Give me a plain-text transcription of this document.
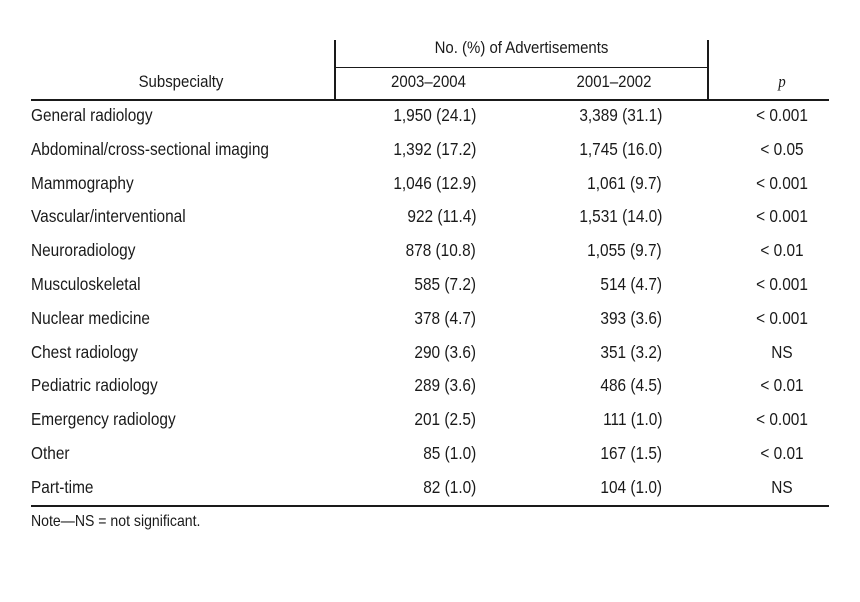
No. (%) of Advertisements
Subspecialty	2003–2004	2001–2002	p
General radiology	1,950 (24.1)	3,389 (31.1)	< 0.001
Abdominal/cross-sectional imaging	1,392 (17.2)	1,745 (16.0)	< 0.05
Mammography	1,046 (12.9)	1,061 (9.7)	< 0.001
Vascular/interventional	922 (11.4)	1,531 (14.0)	< 0.001
Neuroradiology	878 (10.8)	1,055 (9.7)	< 0.01
Musculoskeletal	585 (7.2)	514 (4.7)	< 0.001
Nuclear medicine	378 (4.7)	393 (3.6)	< 0.001
Chest radiology	290 (3.6)	351 (3.2)	NS
Pediatric radiology	289 (3.6)	486 (4.5)	< 0.01
Emergency radiology	201 (2.5)	111 (1.0)	< 0.001
Other	85 (1.0)	167 (1.5)	< 0.01
Part-time	82 (1.0)	104 (1.0)	NS
Note—NS = not significant.
